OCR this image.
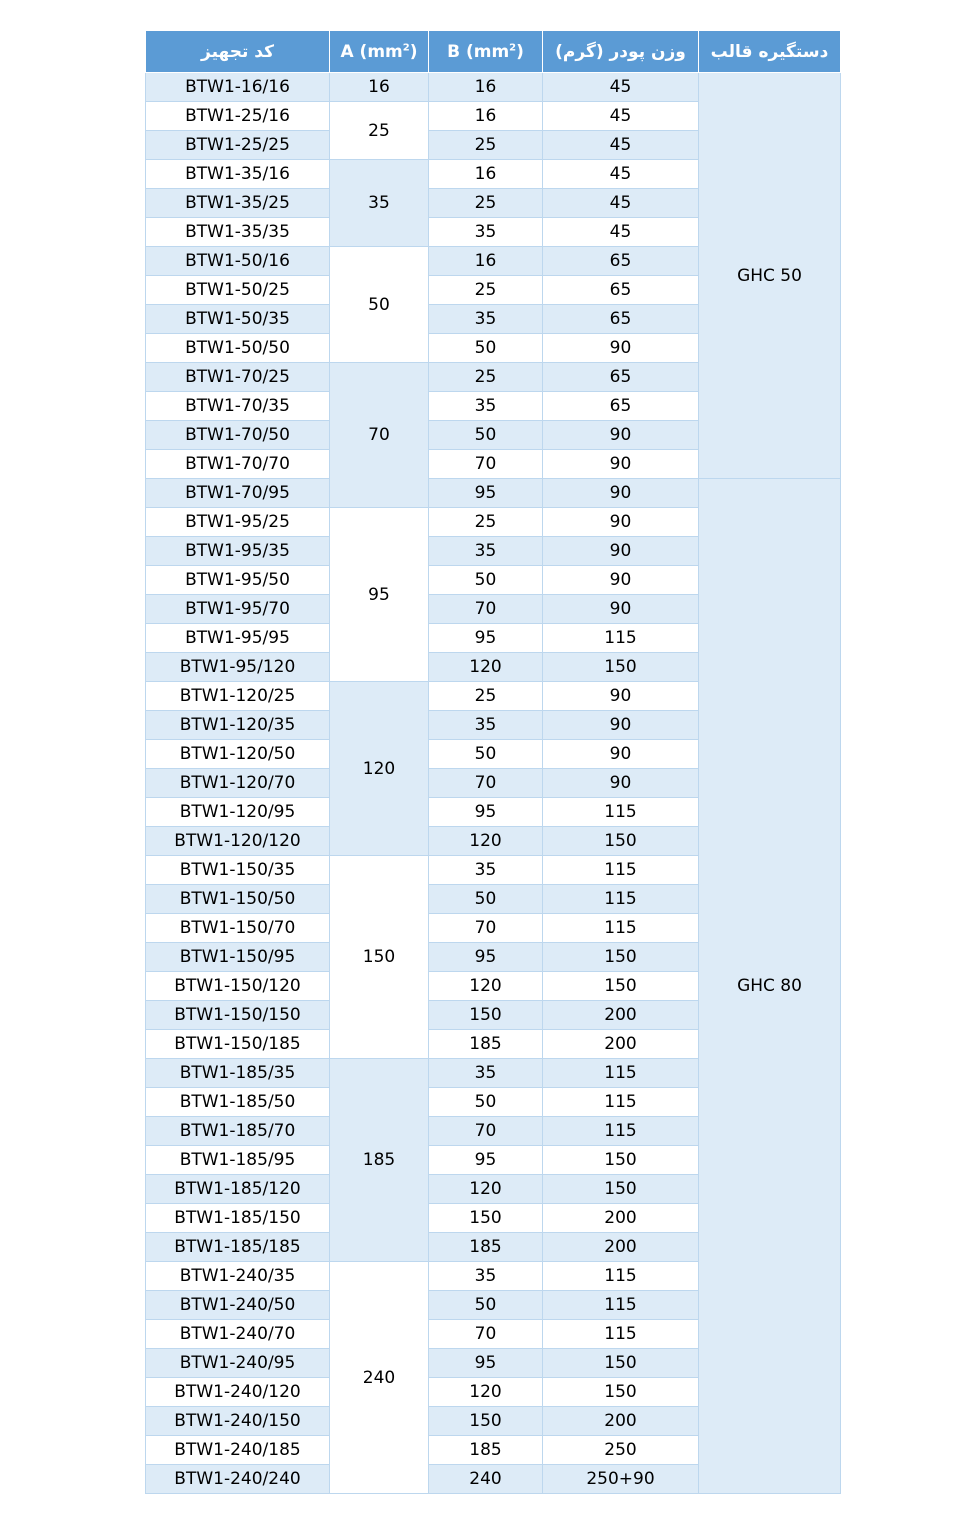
کد تجهیز	A $(mm^2)$	B $(mm^2)$	وزن پودر (گرم)	دستگیره قالب
BTW1-16/16	16	16	45	GHC 50
BTW1-25/16	25	16	45	
BTW1-25/25		25	45	
BTW1-35/16	35	16	45	
BTW1-35/25		25	45	
BTW1-35/35		35	45	
BTW1-50/16	50	16	65	
BTW1-50/25		25	65	
BTW1-50/35		35	65	
BTW1-50/50		50	90	
BTW1-70/25	70	25	65	
BTW1-70/35		35	65	
BTW1-70/50		50	90	
BTW1-70/70		70	90	
BTW1-70/95		95	90	GHC 80
BTW1-95/25	95	25	90	
BTW1-95/35		35	90	
BTW1-95/50		50	90	
BTW1-95/70		70	90	
BTW1-95/95		95	115	
BTW1-95/120		120	150	
BTW1-120/25	120	25	90	
BTW1-120/35		35	90	
BTW1-120/50		50	90	
BTW1-120/70		70	90	
BTW1-120/95		95	115	
BTW1-120/120		120	150	
BTW1-150/35	150	35	115	
BTW1-150/50		50	115	
BTW1-150/70		70	115	
BTW1-150/95		95	150	
BTW1-150/120		120	150	
BTW1-150/150		150	200	
BTW1-150/185		185	200	
BTW1-185/35	185	35	115	
BTW1-185/50		50	115	
BTW1-185/70		70	115	
BTW1-185/95		95	150	
BTW1-185/120		120	150	
BTW1-185/150		150	200	
BTW1-185/185		185	200	
BTW1-240/35	240	35	115	
BTW1-240/50		50	115	
BTW1-240/70		70	115	
BTW1-240/95		95	150	
BTW1-240/120		120	150	
BTW1-240/150		150	200	
BTW1-240/185		185	250	
BTW1-240/240		240	250+90	
